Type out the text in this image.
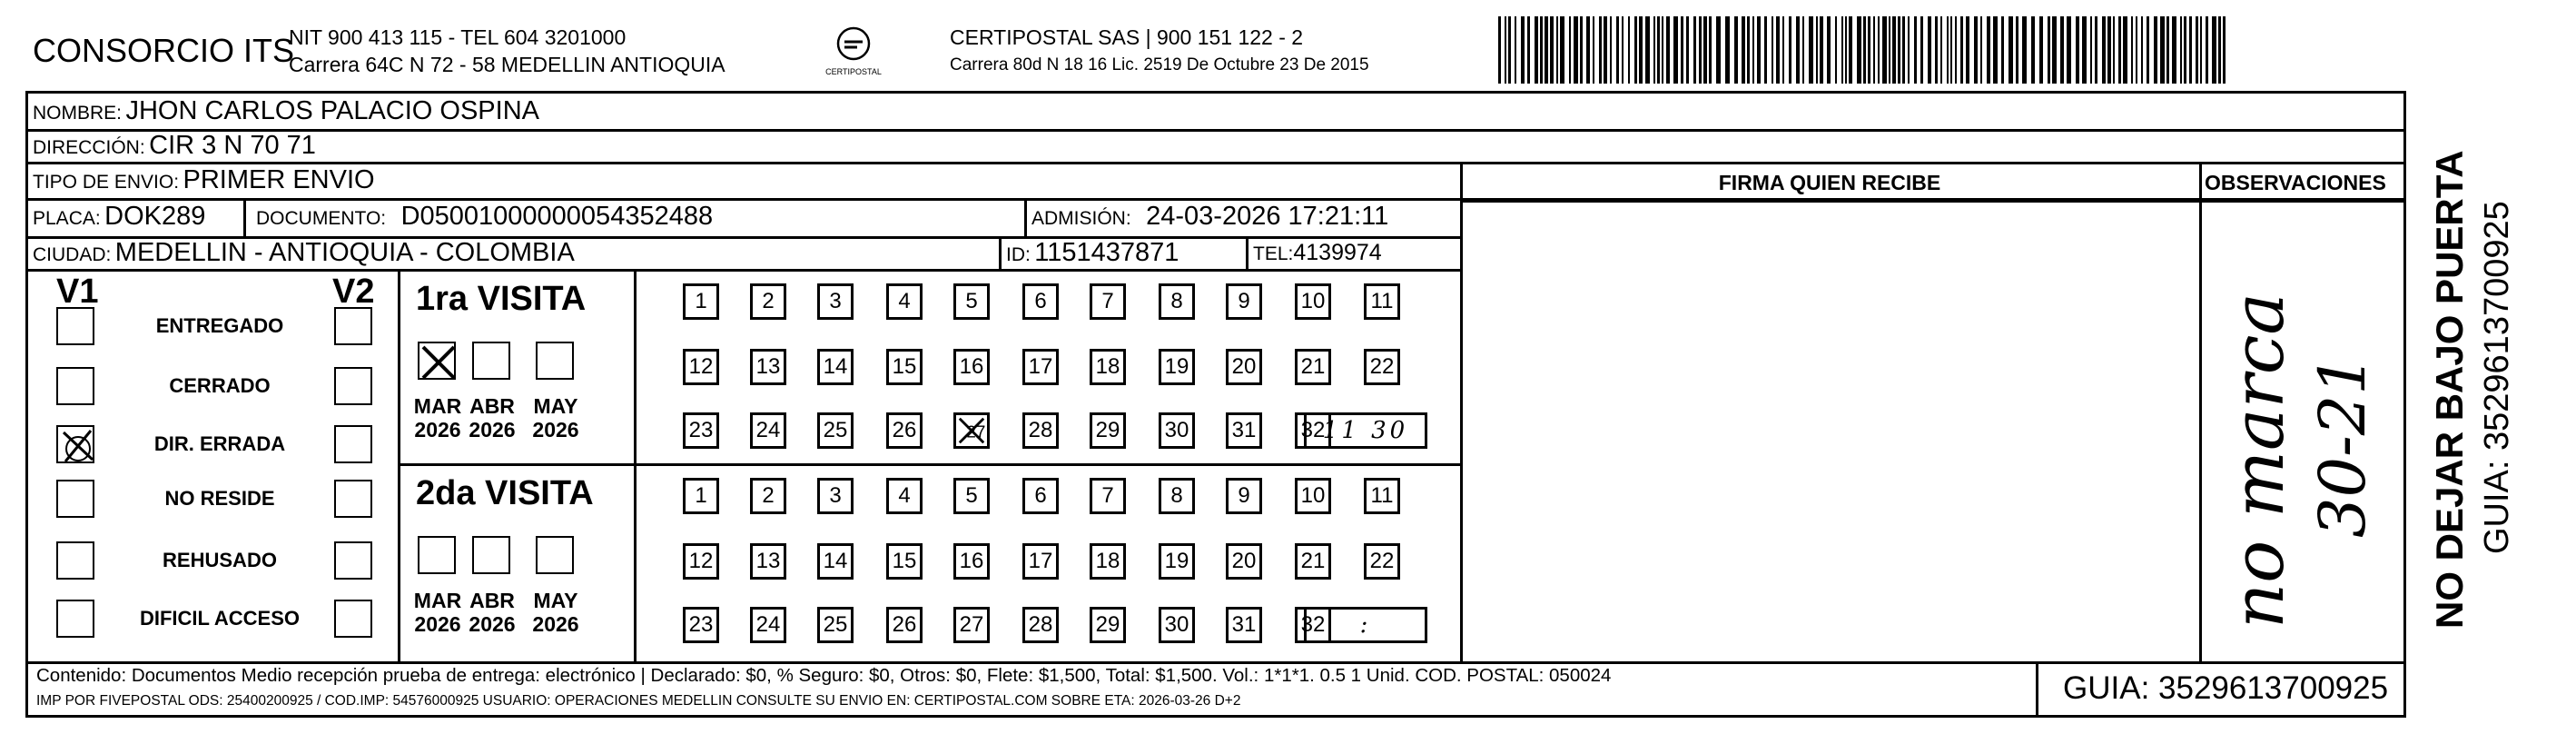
CONSORCIO ITS
NIT 900 413 115 - TEL 604 3201000
Carrera 64C N 72 - 58 MEDELLIN ANTIOQUIA	CERTIPOSTAL
CERTIPOSTAL SAS | 900 151 122 - 2
Carrera 80d N 18 16 Lic. 2519 De Octubre 23 De 2015
NOMBRE: JHON CARLOS PALACIO OSPINA
DIRECCIÓN: CIR 3 N 70 71
TIPO DE ENVIO: PRIMER ENVIO
PLACA: DOK289	DOCUMENTO: D05001000000054352488	ADMISIÓN: 24-03-2026 17:21:11
CIUDAD: MEDELLIN - ANTIOQUIA - COLOMBIA	ID: 1151437871	TEL:4139974
FIRMA QUIEN RECIBE	OBSERVACIONES
no marca 30-21
V1	V2
ENTREGADO
CERRADO
DIR. ERRADA
NO RESIDE
REHUSADO
DIFICIL ACCESO
1ra VISITA
MAR
2026
ABR
2026
MAY
2026
1	2	3	4	5	6	7	8	9 10 11
12 13 14 15 16 17 18 19 20 21 22
23 24 25 26	27 28 29 30 31 32
11 30
2da VISITA
MAR
2026
ABR
2026
MAY
2026
1	2	3	4	5	6	7	8	9 10 11
12 13 14 15 16 17 18 19 20 21 22
23 24 25 26 27 28 29 30 31 32 :
Contenido: Documentos Medio recepción prueba de entrega: electrónico | Declarado: $0, % Seguro: $0, Otros: $0, Flete: $1,500, Total: $1,500. Vol.: 1*1*1. 0.5 1 Unid. COD. POSTAL: 050024
IMP POR FIVEPOSTAL ODS: 25400200925 / COD.IMP: 54576000925 USUARIO: OPERACIONES MEDELLIN CONSULTE SU ENVIO EN: CERTIPOSTAL.COM SOBRE ETA: 2026-03-26 D+2	GUIA: 3529613700925
NO DEJAR BAJO PUERTA GUIA: 3529613700925
